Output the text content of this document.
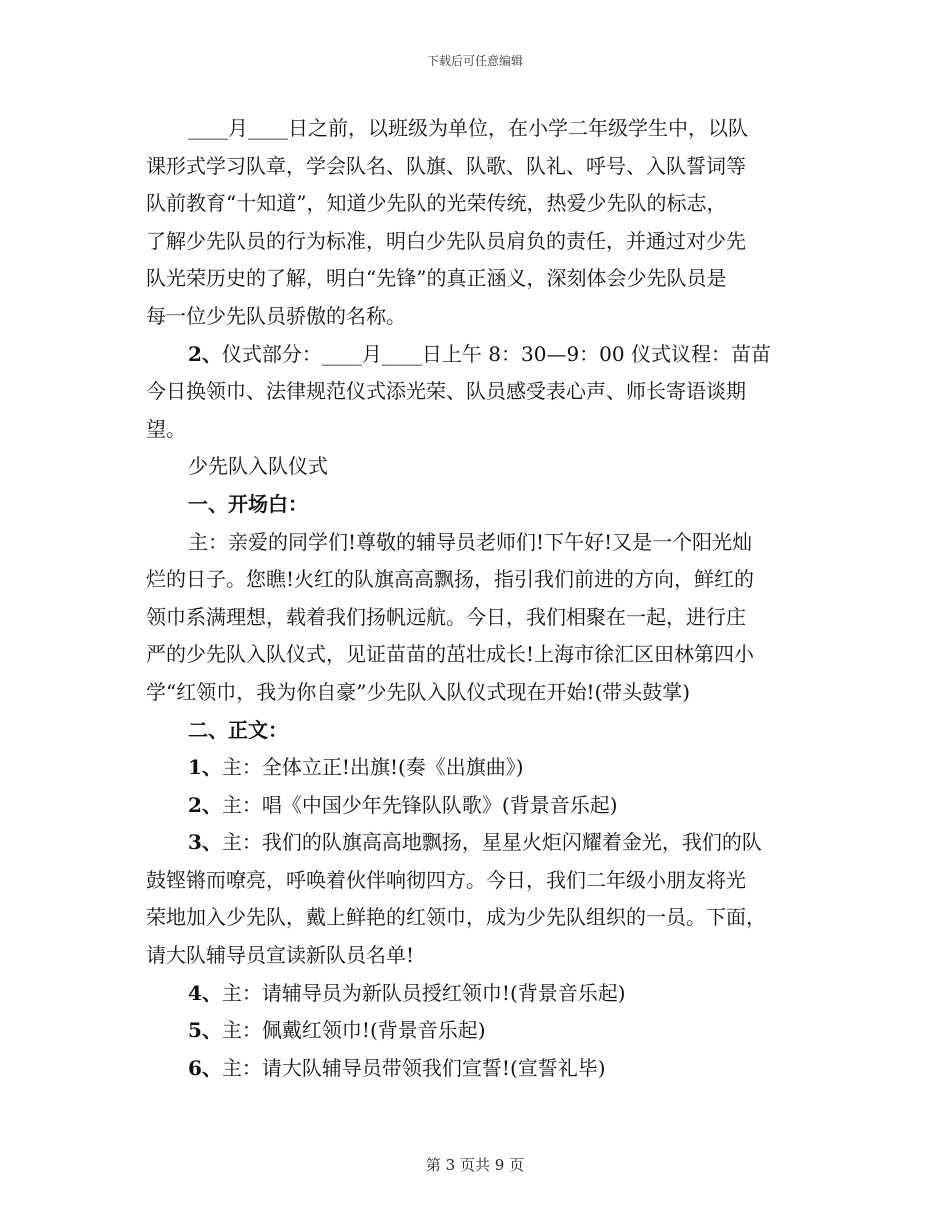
下载后可任意编辑
____月____日之前，以班级为单位，在小学二年级学生中，以队
课形式学习队章，学会队名、队旗、队歌、队礼、呼号、入队誓词等
队前教育“十知道”，知道少先队的光荣传统，热爱少先队的标志，
了解少先队员的行为标准，明白少先队员肩负的责任，并通过对少先
队光荣历史的了解，明白“先锋”的真正涵义，深刻体会少先队员是
每一位少先队员骄傲的名称。
2、仪式部分：____月____日上午 8：30—9：00 仪式议程：苗苗
今日换领巾、法律规范仪式添光荣、队员感受表心声、师长寄语谈期
望。
少先队入队仪式
一、开场白：
主：亲爱的同学们!尊敬的辅导员老师们!下午好!又是一个阳光灿
烂的日子。您瞧!火红的队旗高高飘扬，指引我们前进的方向，鲜红的
领巾系满理想，载着我们扬帆远航。今日，我们相聚在一起，进行庄
严的少先队入队仪式，见证苗苗的茁壮成长!上海市徐汇区田林第四小
学“红领巾，我为你自豪”少先队入队仪式现在开始!(带头鼓掌)
二、正文：
1、主：全体立正!出旗!(奏《出旗曲》)
2、主：唱《中国少年先锋队队歌》(背景音乐起)
3、主：我们的队旗高高地飘扬，星星火炬闪耀着金光，我们的队
鼓铿锵而嘹亮，呼唤着伙伴响彻四方。今日，我们二年级小朋友将光
荣地加入少先队，戴上鲜艳的红领巾，成为少先队组织的一员。下面，
请大队辅导员宣读新队员名单!
4、主：请辅导员为新队员授红领巾!(背景音乐起)
5、主：佩戴红领巾!(背景音乐起)
6、主：请大队辅导员带领我们宣誓!(宣誓礼毕)
第 3 页共 9 页
